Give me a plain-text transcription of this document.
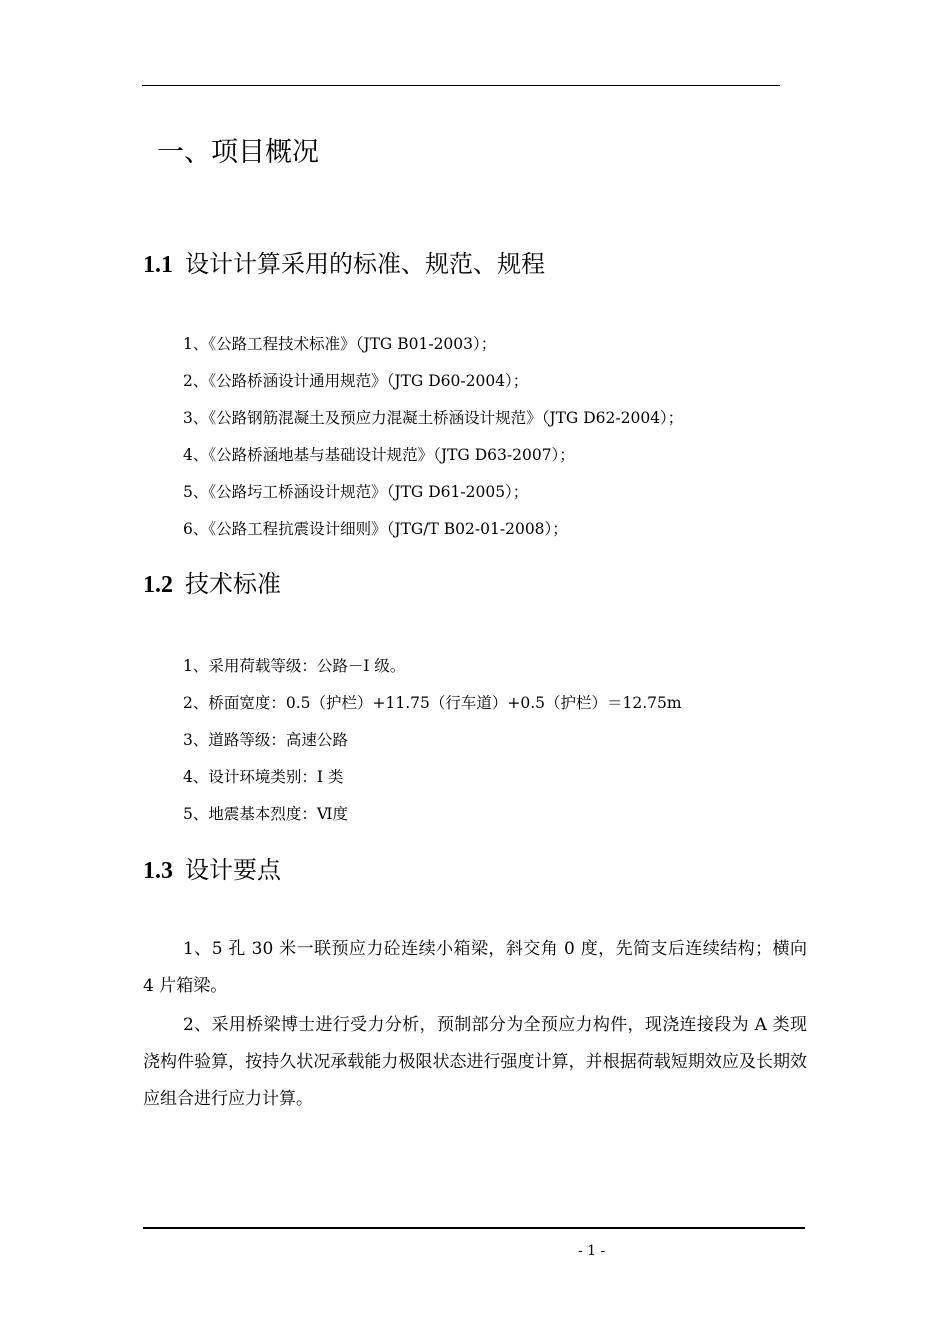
一、项目概况
1.1 设计计算采用的标准、规范、规程

1、《公路工程技术标准》（JTG B01-2003）；

2、《公路桥涵设计通用规范》（JTG D60-2004）；

3、《公路钢筋混凝土及预应力混凝土桥涵设计规范》（JTG D62-2004）；

4、《公路桥涵地基与基础设计规范》（JTG D63-2007）；

5、《公路圬工桥涵设计规范》（JTG D61-2005）；

6、《公路工程抗震设计细则》（JTG/T B02-01-2008）；

1.2 技术标准

1、采用荷载等级：公路－I 级。

2、桥面宽度：0.5（护栏）+11.75（行车道）+0.5（护栏）＝12.75m

3、道路等级：高速公路

4、设计环境类别：I 类

5、地震基本烈度：Ⅵ度

1.3 设计要点

1、5 孔 30 米一联预应力砼连续小箱梁，斜交角 0 度，先简支后连续结构；横向 4 片箱梁。

2、采用桥梁博士进行受力分析，预制部分为全预应力构件，现浇连接段为 A 类现浇构件验算，按持久状况承载能力极限状态进行强度计算，并根据荷载短期效应及长期效应组合进行应力计算。

- 1 -
